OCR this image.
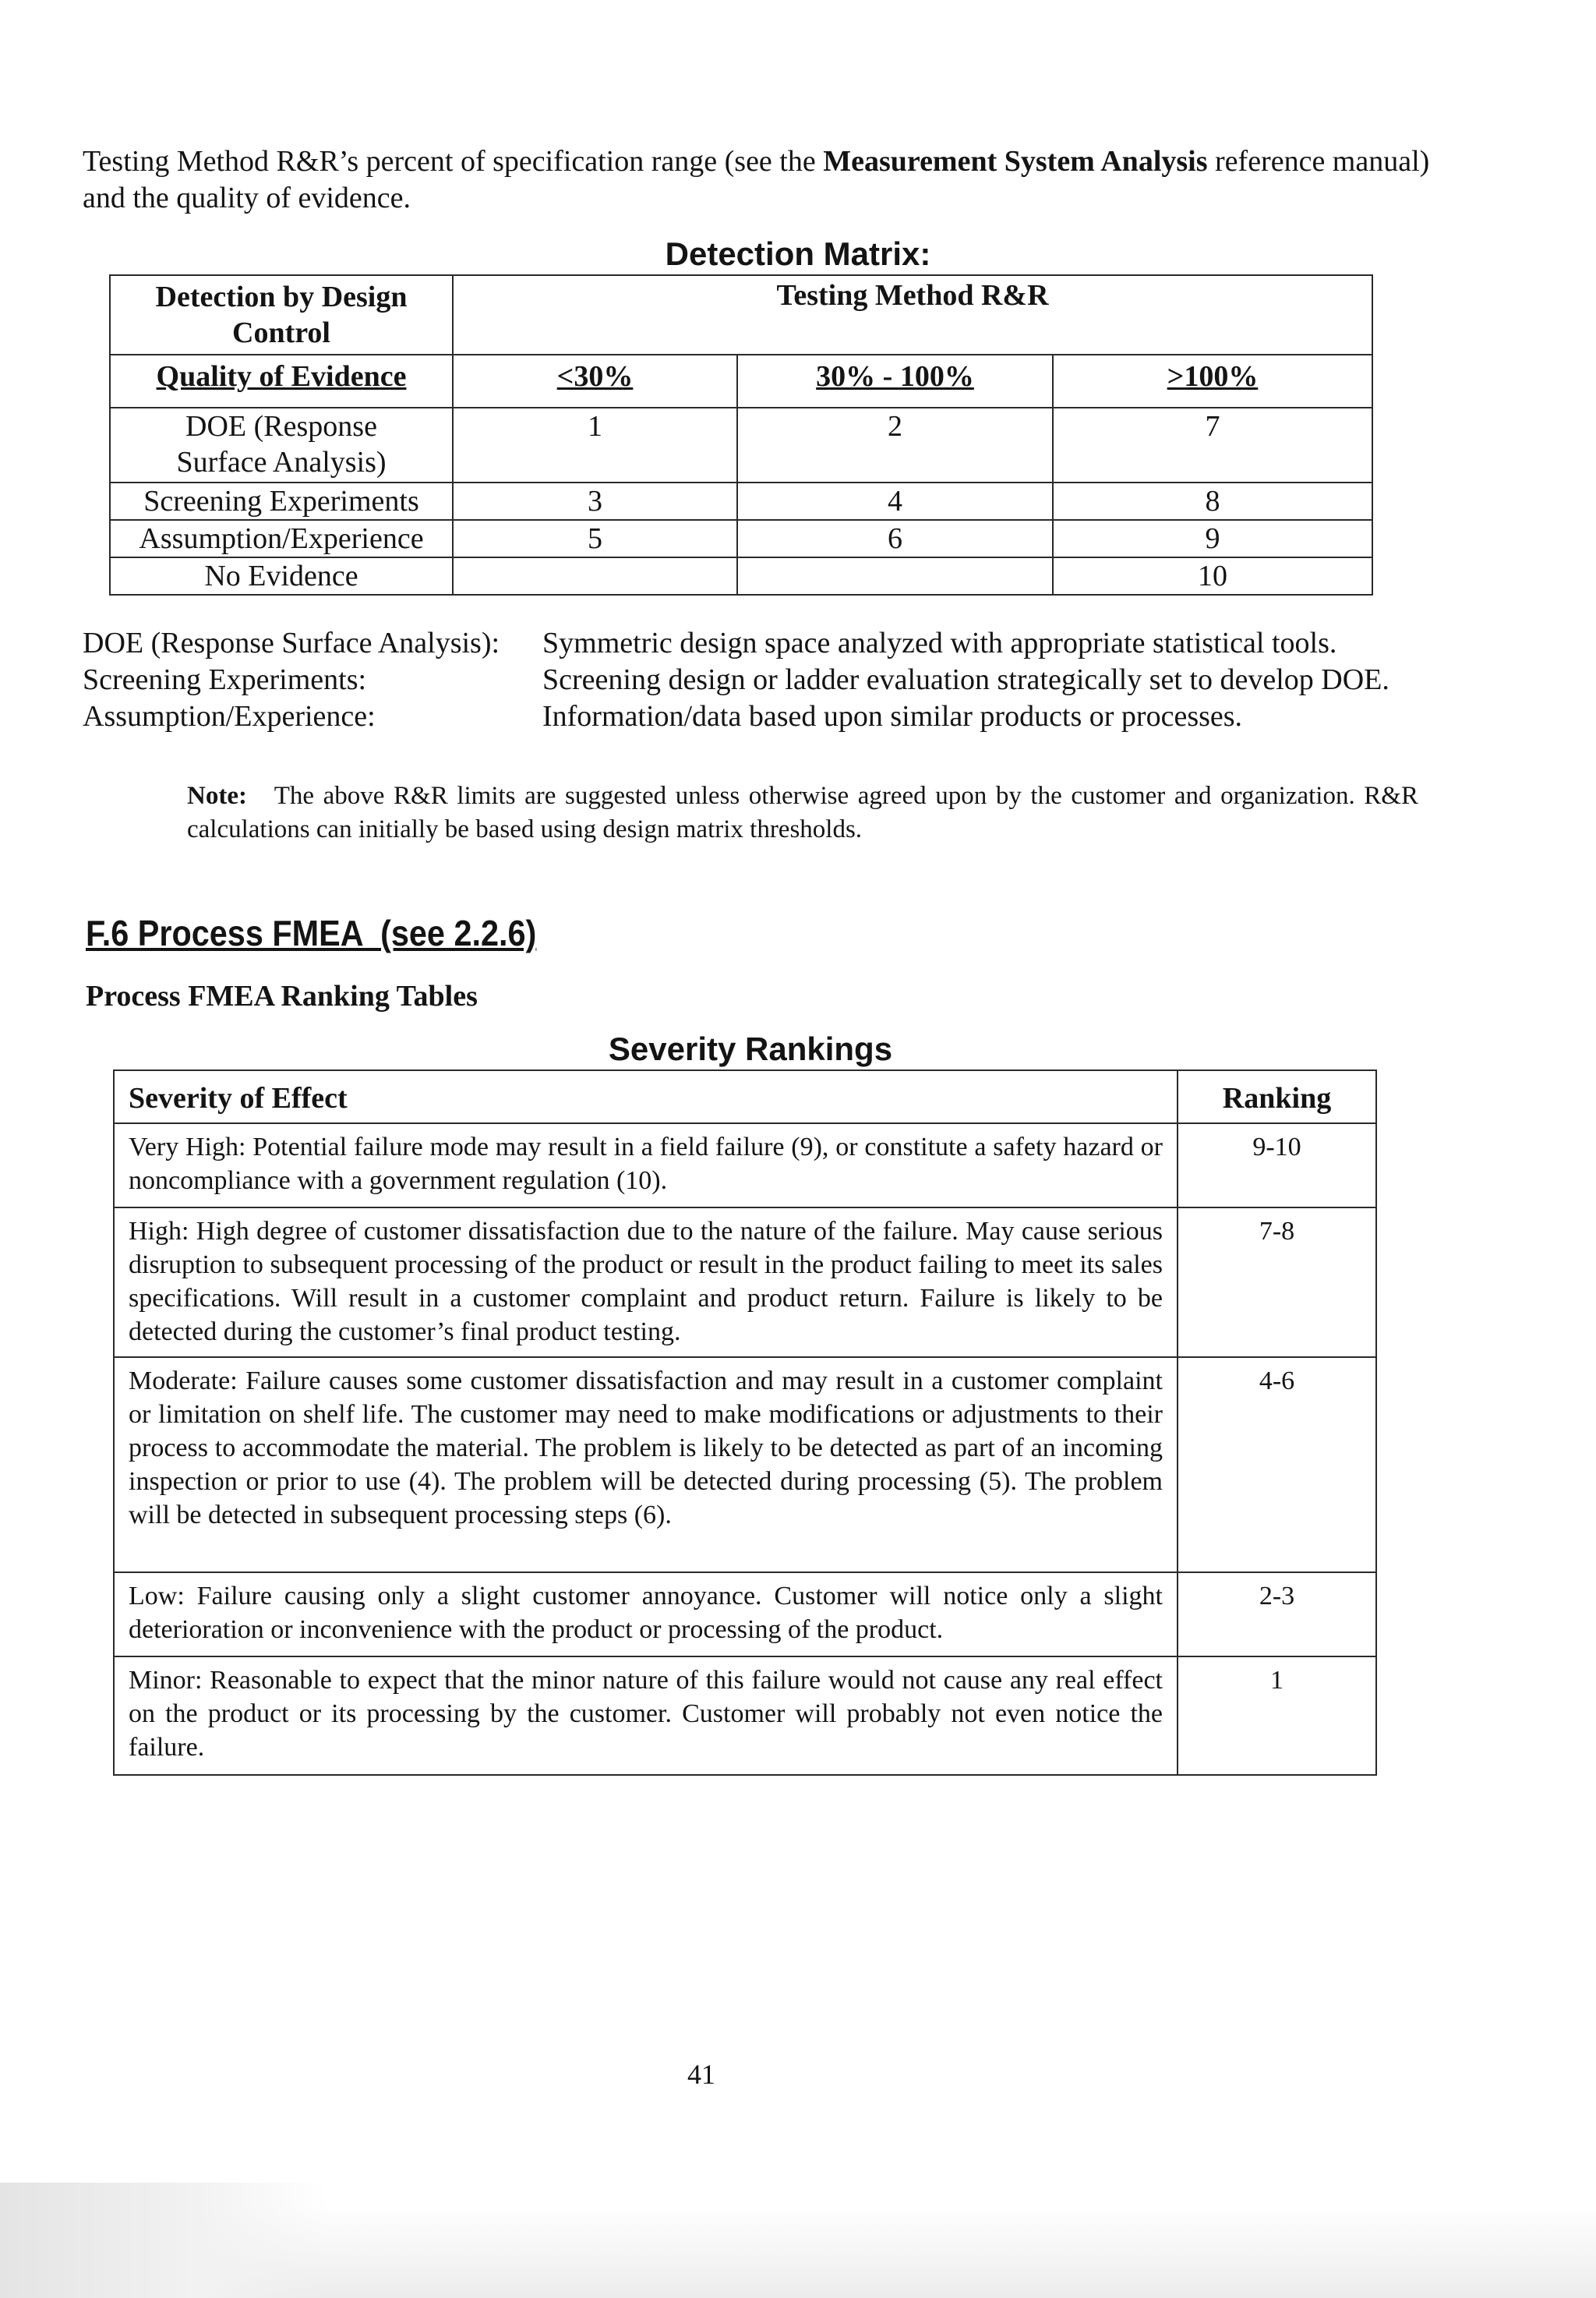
Testing Method R&R’s percent of specification range (see the Measurement System Analysis reference manual) and the quality of evidence.
Detection Matrix:
Detection by Design Control	Testing Method R&R		
Quality of Evidence	<30%	30% - 100%	>100%
DOE (Response Surface Analysis)	1	2	7
Screening Experiments	3	4	8
Assumption/Experience	5	6	9
No Evidence			10
DOE (Response Surface Analysis):	Symmetric design space analyzed with appropriate statistical tools.
Screening Experiments:	Screening design or ladder evaluation strategically set to develop DOE.
Assumption/Experience:	Information/data based upon similar products or processes.
Note: The above R&R limits are suggested unless otherwise agreed upon by the customer and organization. R&R calculations can initially be based using design matrix thresholds.
F.6 Process FMEA  (see 2.2.6)
Process FMEA Ranking Tables
Severity Rankings
Severity of Effect	Ranking
Very High: Potential failure mode may result in a field failure (9), or constitute a safety hazard or noncompliance with a government regulation (10).	9-10
High: High degree of customer dissatisfaction due to the nature of the failure. May cause serious disruption to subsequent processing of the product or result in the product failing to meet its sales specifications. Will result in a customer complaint and product return. Failure is likely to be detected during the customer’s final product testing.	7-8
Moderate: Failure causes some customer dissatisfaction and may result in a customer complaint or limitation on shelf life. The customer may need to make modifications or adjustments to their process to accommodate the material. The problem is likely to be detected as part of an incoming inspection or prior to use (4). The problem will be detected during processing (5). The problem will be detected in subsequent processing steps (6).	4-6
Low: Failure causing only a slight customer annoyance. Customer will notice only a slight deterioration or inconvenience with the product or processing of the product.	2-3
Minor: Reasonable to expect that the minor nature of this failure would not cause any real effect on the product or its processing by the customer. Customer will probably not even notice the failure.	1
41
